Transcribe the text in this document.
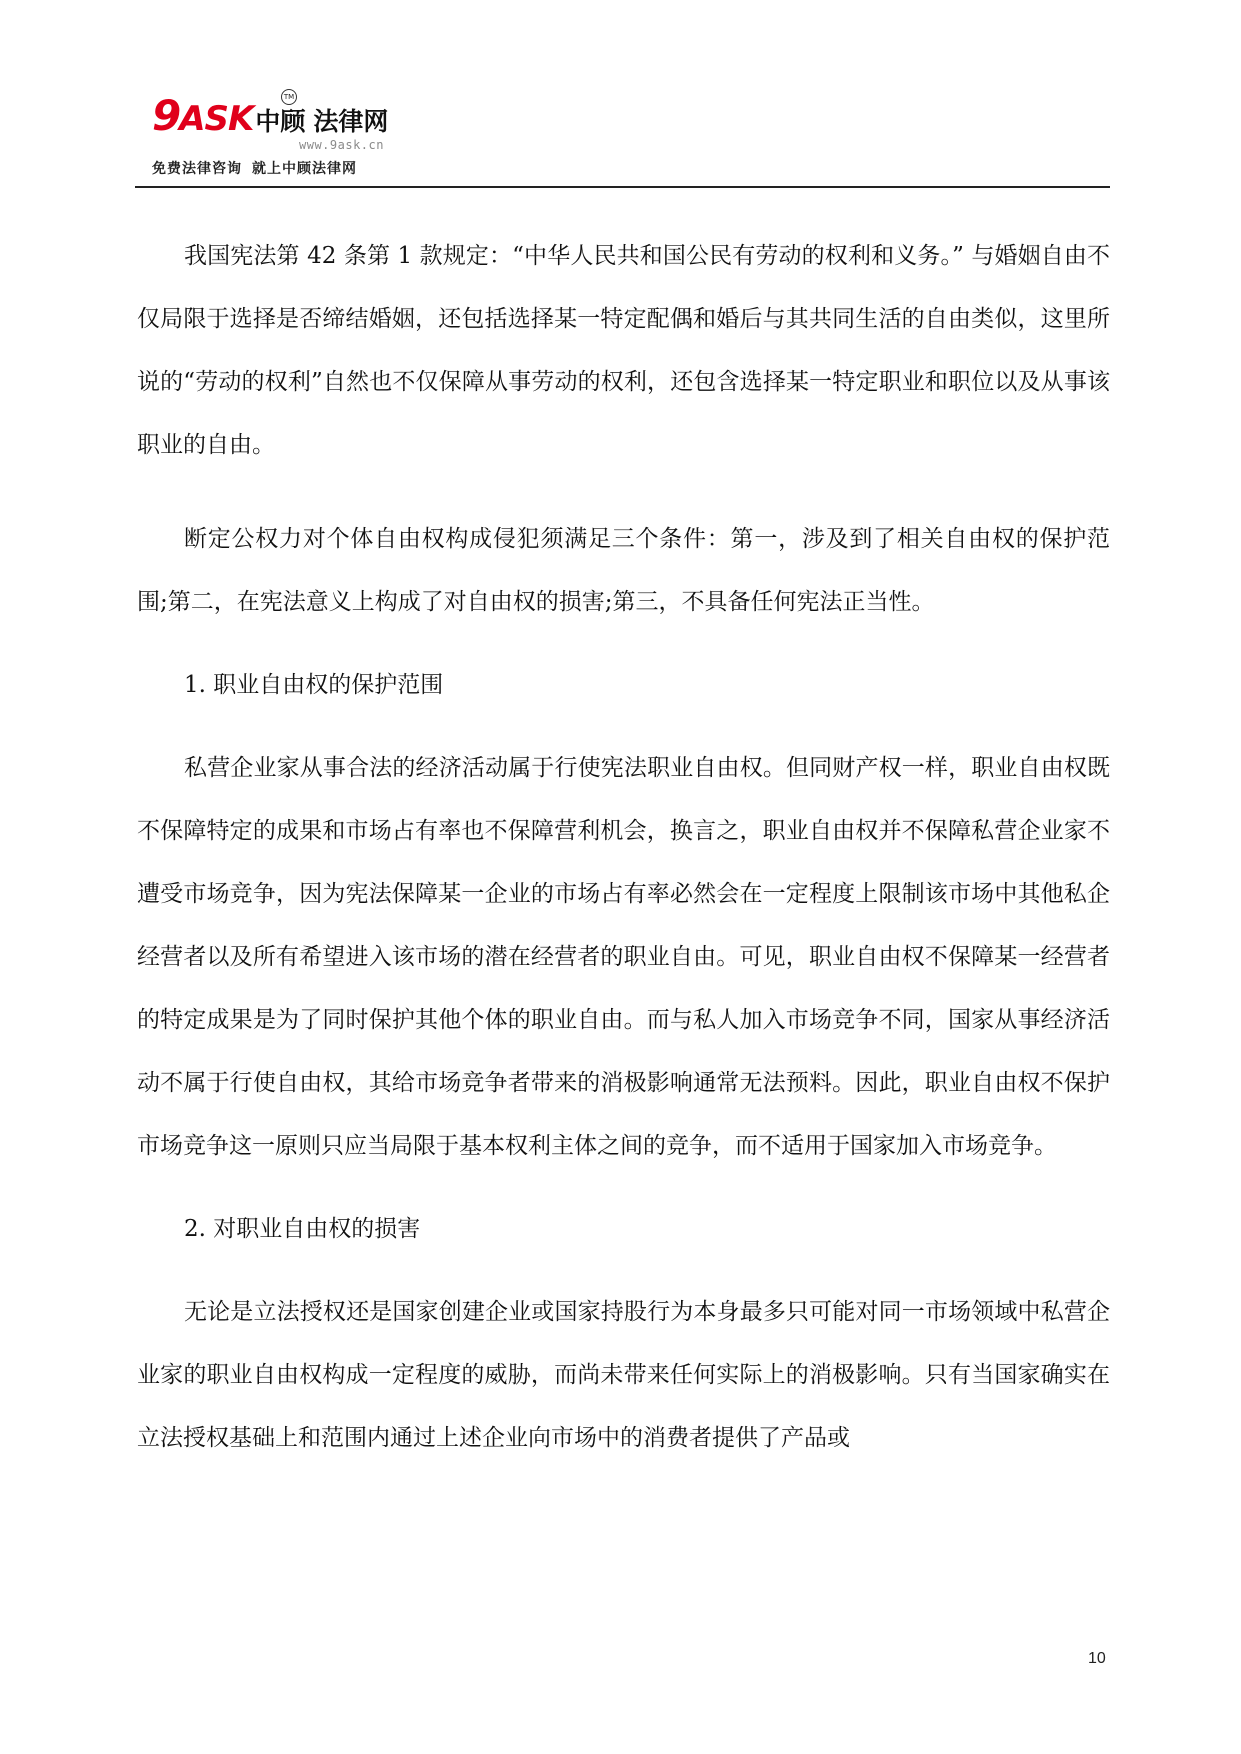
9ASK中顾 法律网
TM
www.9ask.cn
免费法律咨询 就上中顾法律网

我国宪法第 42 条第 1 款规定：“中华人民共和国公民有劳动的权利和义务。” 与婚姻自由不仅局限于选择是否缔结婚姻，还包括选择某一特定配偶和婚后与其共同生活的自由类似，这里所说的“劳动的权利”自然也不仅保障从事劳动的权利，还包含选择某一特定职业和职位以及从事该职业的自由。

断定公权力对个体自由权构成侵犯须满足三个条件：第一，涉及到了相关自由权的保护范围;第二，在宪法意义上构成了对自由权的损害;第三，不具备任何宪法正当性。

1. 职业自由权的保护范围

私营企业家从事合法的经济活动属于行使宪法职业自由权。但同财产权一样，职业自由权既不保障特定的成果和市场占有率也不保障营利机会，换言之，职业自由权并不保障私营企业家不遭受市场竞争，因为宪法保障某一企业的市场占有率必然会在一定程度上限制该市场中其他私企经营者以及所有希望进入该市场的潜在经营者的职业自由。可见，职业自由权不保障某一经营者的特定成果是为了同时保护其他个体的职业自由。而与私人加入市场竞争不同，国家从事经济活动不属于行使自由权，其给市场竞争者带来的消极影响通常无法预料。因此，职业自由权不保护市场竞争这一原则只应当局限于基本权利主体之间的竞争，而不适用于国家加入市场竞争。

2. 对职业自由权的损害

无论是立法授权还是国家创建企业或国家持股行为本身最多只可能对同一市场领域中私营企业家的职业自由权构成一定程度的威胁，而尚未带来任何实际上的消极影响。只有当国家确实在立法授权基础上和范围内通过上述企业向市场中的消费者提供了产品或

10
